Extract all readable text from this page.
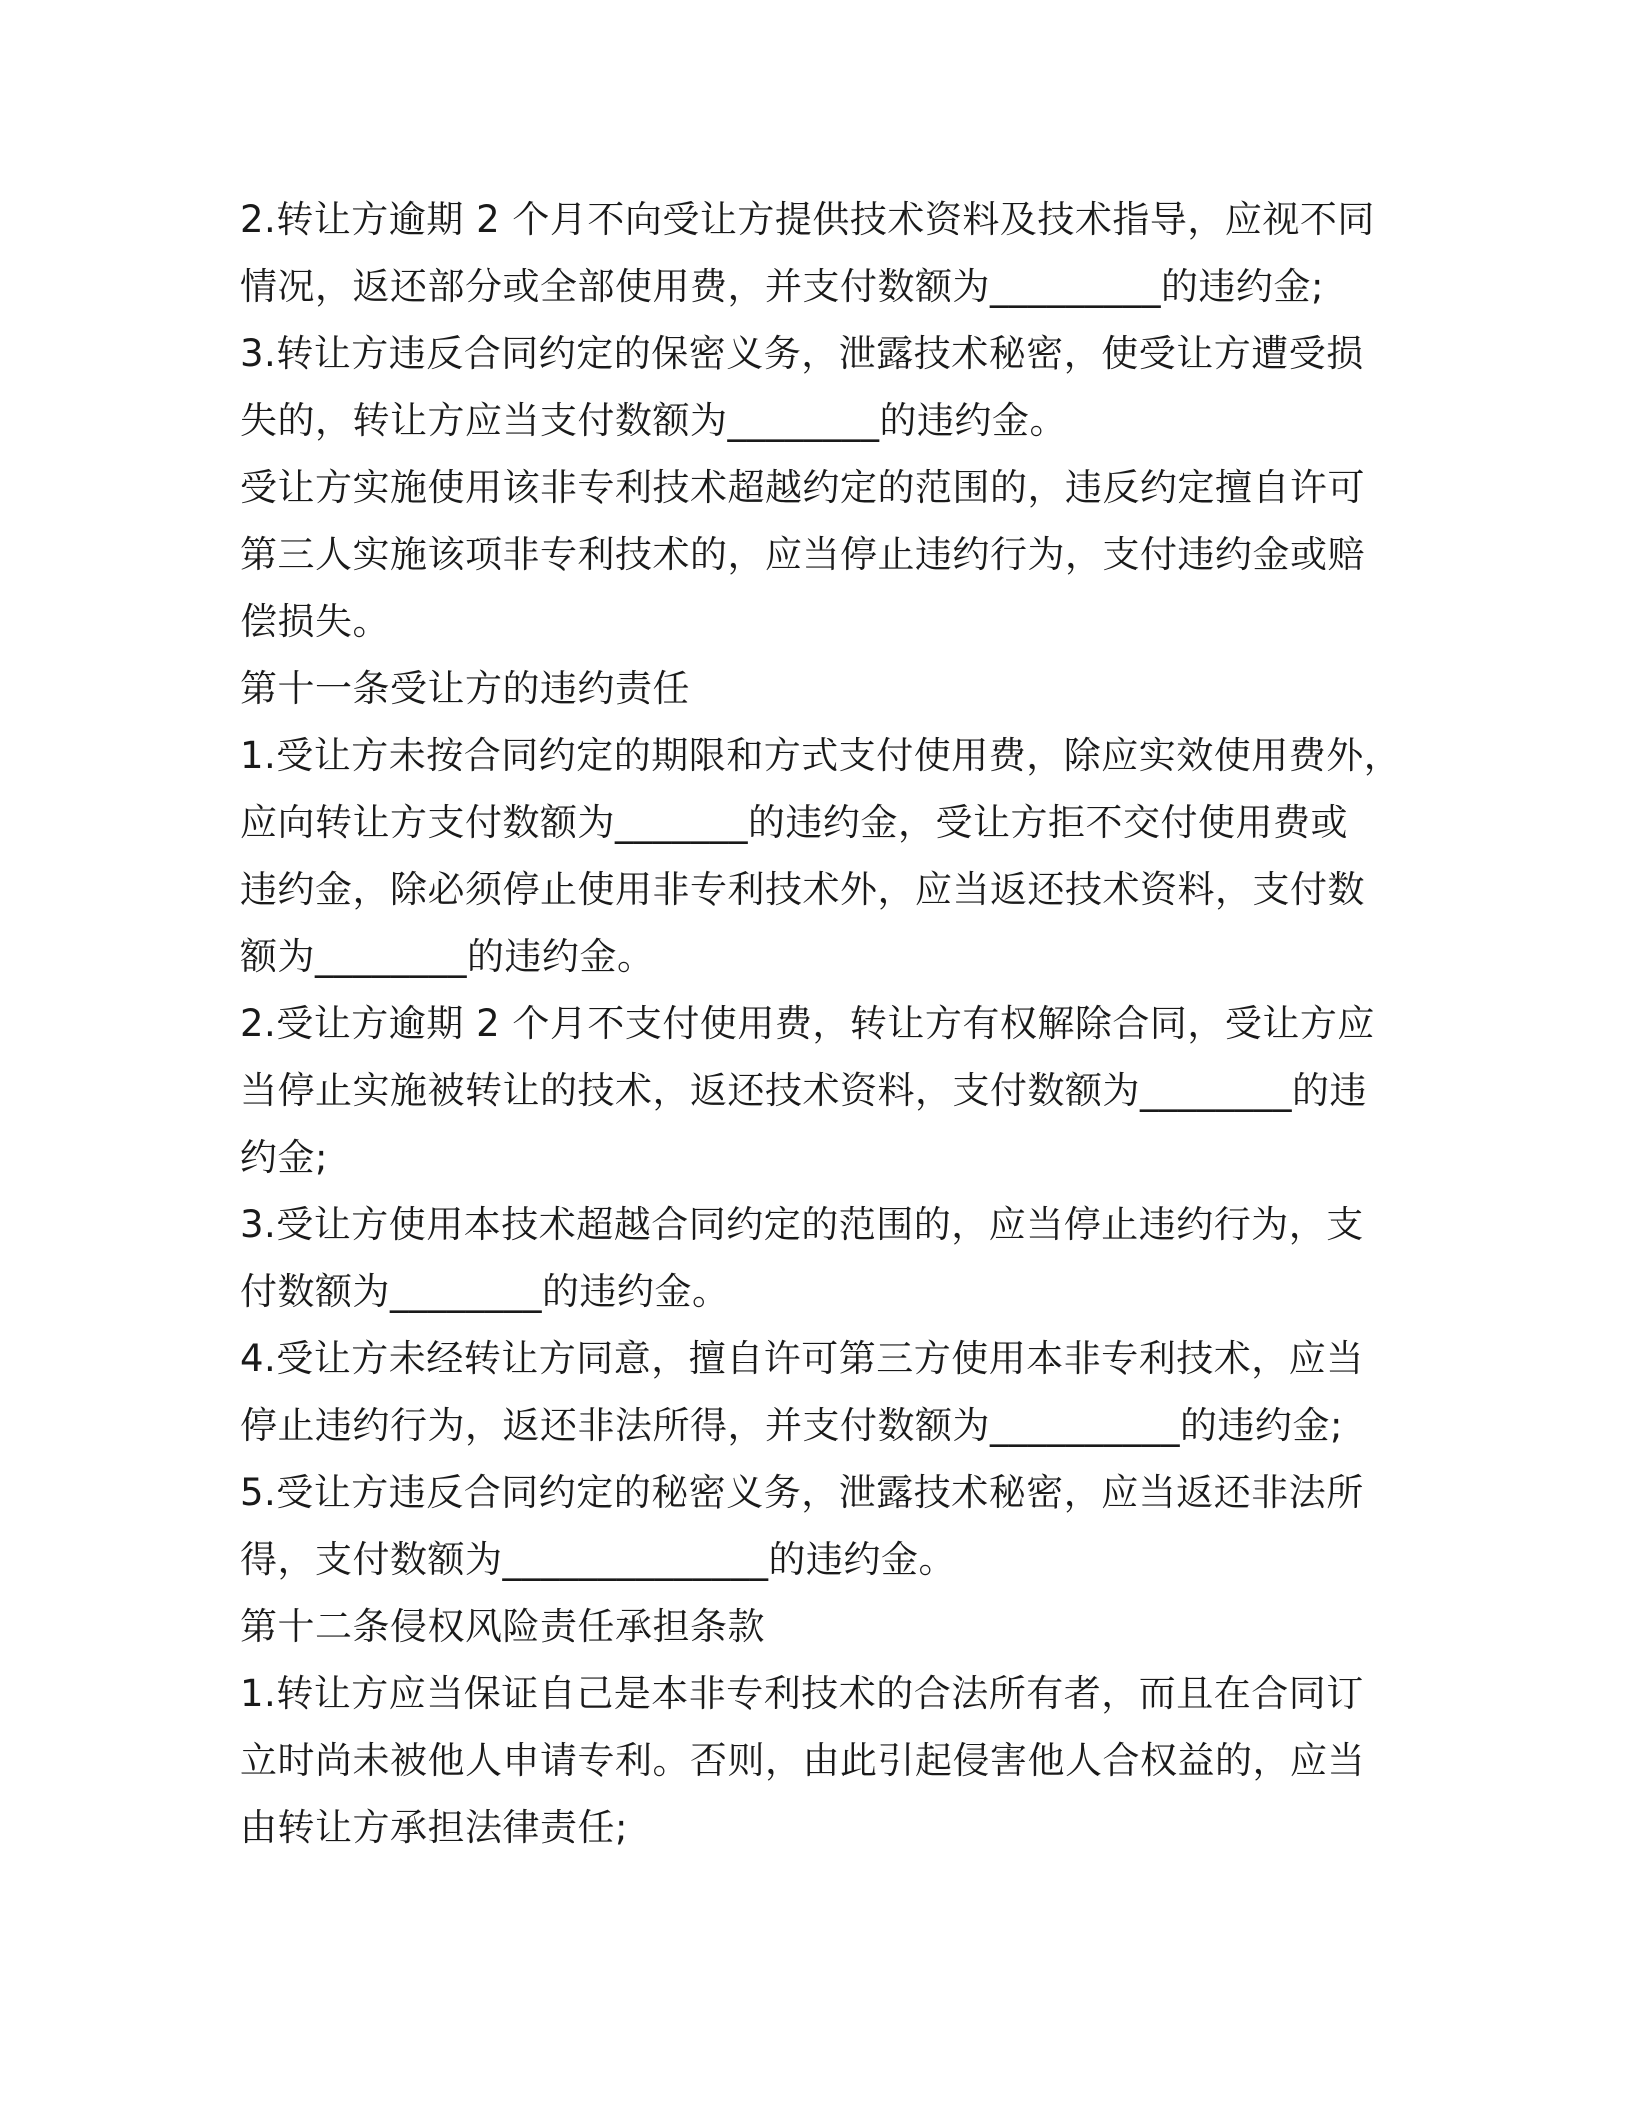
2.转让方逾期 2 个月不向受让方提供技术资料及技术指导，应视不同
情况，返还部分或全部使用费，并支付数额为_________的违约金;
3.转让方违反合同约定的保密义务，泄露技术秘密，使受让方遭受损
失的，转让方应当支付数额为________的违约金。
受让方实施使用该非专利技术超越约定的范围的，违反约定擅自许可
第三人实施该项非专利技术的，应当停止违约行为，支付违约金或赔
偿损失。
第十一条受让方的违约责任
1.受让方未按合同约定的期限和方式支付使用费，除应实效使用费外，
应向转让方支付数额为_______的违约金，受让方拒不交付使用费或
违约金，除必须停止使用非专利技术外，应当返还技术资料，支付数
额为________的违约金。
2.受让方逾期 2 个月不支付使用费，转让方有权解除合同，受让方应
当停止实施被转让的技术，返还技术资料，支付数额为________的违
约金;
3.受让方使用本技术超越合同约定的范围的，应当停止违约行为，支
付数额为________的违约金。
4.受让方未经转让方同意，擅自许可第三方使用本非专利技术，应当
停止违约行为，返还非法所得，并支付数额为__________的违约金;
5.受让方违反合同约定的秘密义务，泄露技术秘密，应当返还非法所
得，支付数额为______________的违约金。
第十二条侵权风险责任承担条款
1.转让方应当保证自己是本非专利技术的合法所有者，而且在合同订
立时尚未被他人申请专利。否则，由此引起侵害他人合权益的，应当
由转让方承担法律责任;
